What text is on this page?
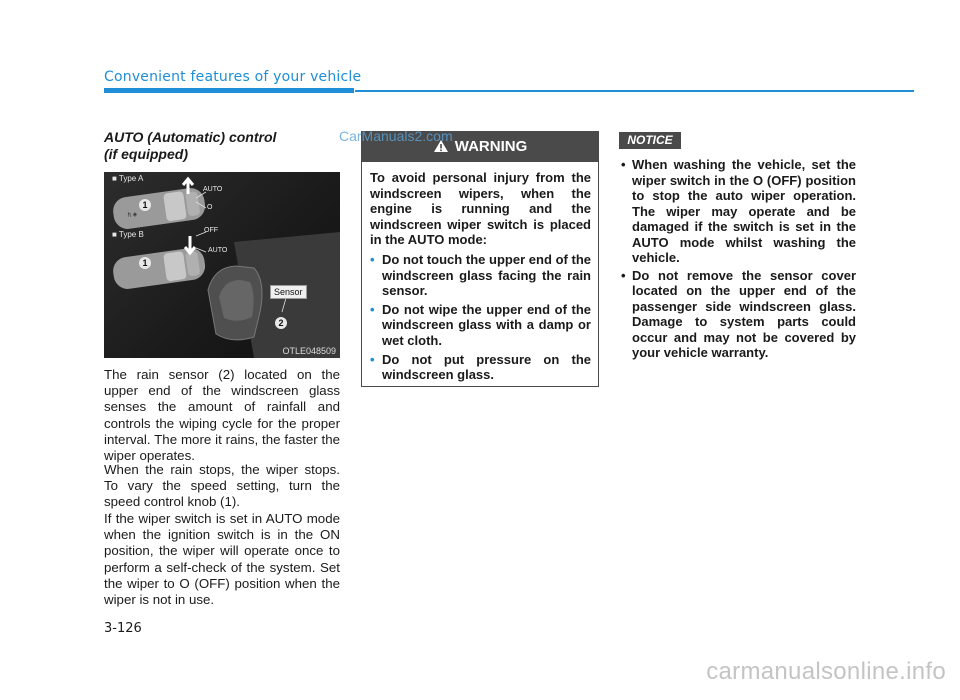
Convenient features of your vehicle
AUTO (Automatic) control
(if equipped)
ft ◈
■ Type A
■ Type B
AUTO
O
OFF
AUTO
1
1
Sensor
2
OTLE048509

The rain sensor (2) located on the upper end of the windscreen glass senses the amount of rainfall and controls the wiping cycle for the proper interval. The more it rains, the faster the wiper operates.

When the rain stops, the wiper stops. To vary the speed setting, turn the speed control knob (1).

If the wiper switch is set in AUTO mode when the ignition switch is in the ON position, the wiper will operate once to perform a self-check of the system. Set the wiper to O (OFF) position when the wiper is not in use.

WARNING
To avoid personal injury from the windscreen wipers, when the engine is running and the windscreen wiper switch is placed in the AUTO mode:
• Do not touch the upper end of the windscreen glass facing the rain sensor.
• Do not wipe the upper end of the windscreen glass with a damp or wet cloth.
• Do not put pressure on the windscreen glass.
NOTICE
• When washing the vehicle, set the wiper switch in the O (OFF) position to stop the auto wiper operation. The wiper may operate and be damaged if the switch is set in the AUTO mode whilst washing the vehicle.
• Do not remove the sensor cover located on the upper end of the passenger side windscreen glass. Damage to system parts could occur and may not be covered by your vehicle warranty.
3-126
CarManuals2.com
carmanualsonline.info
